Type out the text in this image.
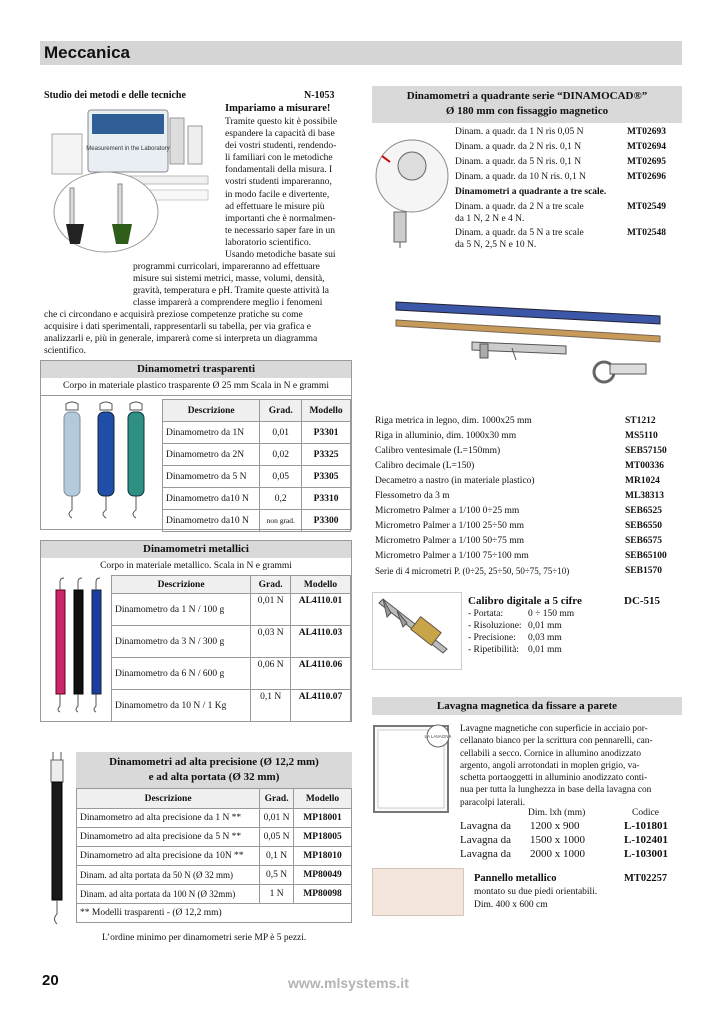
Meccanica
Studio dei metodi e delle tecniche	N-1053
Measurement in the Laboratory
Impariamo a misurare!
Tramite questo kit è possibile
espandere la capacità di base
dei vostri studenti, rendendo-
li familiari con le metodiche
fondamentali della misura. I
vostri studenti impareranno,
in modo facile e divertente,
ad effettuare le misure più
importanti che è normalmen-
te necessario saper fare in un
laboratorio scientifico.
Usando metodiche basate sui
programmi curricolari, impareranno ad effettuare
misure sui sistemi metrici, masse, volumi, densità,
gravità, temperatura e pH. Tramite queste attività la
classe imparerà a comprendere meglio i fenomeni
che ci circondano e acquisirà preziose competenze pratiche su come
acquisire i dati sperimentali, rappresentarli su tabella, per via grafica e
analizzarli e, più in generale, imparerà come si interpreta un diagramma
scientifico.
Dinamometri trasparenti
Corpo in materiale plastico trasparente Ø 25 mm Scala in N e grammi
Descrizione	Grad.	Modello
Dinamometro da 1N	0,01	P3301
Dinamometro da 2N	0,02	P3325
Dinamometro da 5 N	0,05	P3305
Dinamometro da10 N	0,2	P3310
Dinamometro da10 N	non grad.	P3300
Dinamometri metallici
Corpo in materiale metallico. Scala in N e grammi
Descrizione	Grad.	Modello
Dinamometro da 1 N / 100 g	0,01 N	AL4110.01
Dinamometro da 3 N / 300 g	0,03 N	AL4110.03
Dinamometro da 6 N / 600 g	0,06 N	AL4110.06
Dinamometro da 10 N / 1 Kg	0,1 N	AL4110.07
Dinamometri ad alta precisione (Ø 12,2 mm)
e ad alta portata (Ø 32 mm)
Descrizione	Grad.	Modello
Dinamometro ad alta precisione da 1 N **	0,01 N	MP18001
Dinamometro ad alta precisione da 5 N **	0,05 N	MP18005
Dinamometro ad alta precisione da 10N **	0,1 N	MP18010
Dinam. ad alta portata da 50 N (Ø 32 mm)	0,5 N	MP80049
Dinam. ad alta portata da 100 N (Ø 32mm)	1 N	MP80098
** Modelli trasparenti - (Ø 12,2 mm)		
L’ordine minimo per dinamometri serie MP è 5 pezzi.
Dinamometri a quadrante serie “DINAMOCAD®”
Ø 180 mm con fissaggio magnetico
Dinam. a quadr. da 1 N ris 0,05 N	MT02693
Dinam. a quadr. da 2 N ris. 0,1 N	MT02694
Dinam. a quadr. da 5 N ris. 0,1 N	MT02695
Dinam. a quadr. da 10 N ris. 0,1 N	MT02696
Dinamometri a quadrante a tre scale.
Dinam. a quadr. da 2 N a tre scale
da 1 N, 2 N e 4 N.
MT02549
Dinam. a quadr. da 5 N a tre scale
da 5 N, 2,5 N e 10 N.
MT02548
Riga metrica in legno, dim. 1000x25 mm	ST1212
Riga in alluminio, dim. 1000x30 mm	MS5110
Calibro ventesimale (L=150mm)	SEB57150
Calibro decimale (L=150)	MT00336
Decametro a nastro (in materiale plastico)	MR1024
Flessometro da 3 m	ML38313
Micrometro Palmer a 1/100 0÷25 mm	SEB6525
Micrometro Palmer a 1/100 25÷50 mm	SEB6550
Micrometro Palmer a 1/100 50÷75 mm	SEB6575
Micrometro Palmer a 1/100 75÷100 mm	SEB65100
Serie di 4 micrometri P. (0÷25, 25÷50, 50÷75, 75÷10)	SEB1570
Calibro digitale a 5 cifre	DC-515
- Portata:	0 ÷ 150 mm
- Risoluzione: 0,01 mm
- Precisione: 0,03 mm
- Ripetibilità: 0,01 mm
Lavagna magnetica da fissare a parete
LA LAVAGNA
Lavagne magnetiche con superficie in acciaio por-
cellanato bianco per la scrittura con pennarelli, can-
cellabili a secco. Cornice in allumino anodizzato
argento, angoli arrotondati in moplen grigio, va-
schetta portaoggetti in alluminio anodizzato conti-
nua per tutta la lunghezza in base della lavagna con
paracolpi laterali.
Dim. lxh (mm)	Codice
Lavagna da 1200 x 900	L-101801
Lavagna da 1500 x 1000	L-102401
Lavagna da 2000 x 1000	L-103001
Pannello metallico	MT02257
montato su due piedi orientabili.
Dim. 400 x 600 cm
20	www.mlsystems.it
